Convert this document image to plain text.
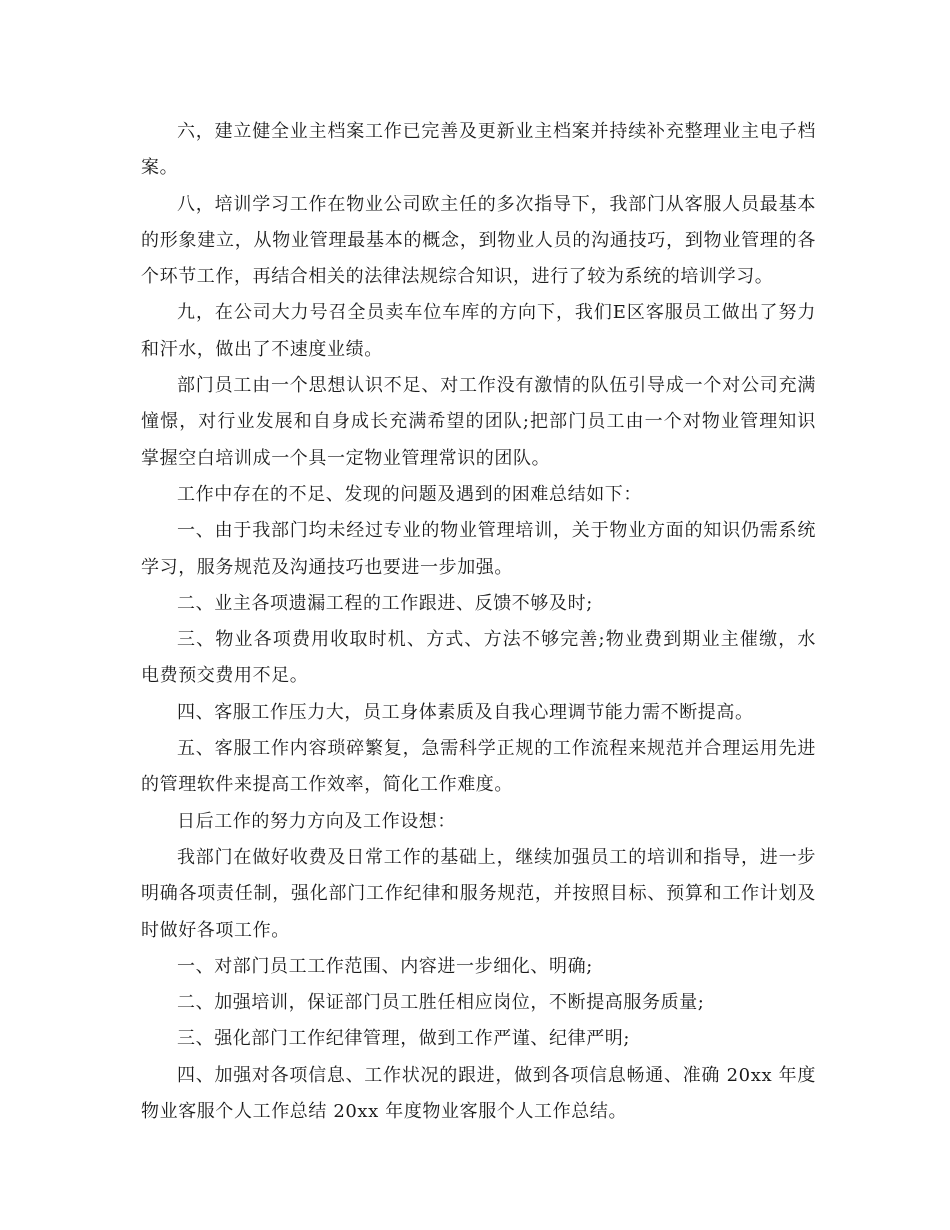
六，建立健全业主档案工作已完善及更新业主档案并持续补充整理业主电子档案。

八，培训学习工作在物业公司欧主任的多次指导下，我部门从客服人员最基本的形象建立，从物业管理最基本的概念，到物业人员的沟通技巧，到物业管理的各个环节工作，再结合相关的法律法规综合知识，进行了较为系统的培训学习。

九，在公司大力号召全员卖车位车库的方向下，我们E区客服员工做出了努力和汗水，做出了不速度业绩。

部门员工由一个思想认识不足、对工作没有激情的队伍引导成一个对公司充满憧憬，对行业发展和自身成长充满希望的团队;把部门员工由一个对物业管理知识掌握空白培训成一个具一定物业管理常识的团队。

工作中存在的不足、发现的问题及遇到的困难总结如下：

一、由于我部门均未经过专业的物业管理培训，关于物业方面的知识仍需系统学习，服务规范及沟通技巧也要进一步加强。

二、业主各项遗漏工程的工作跟进、反馈不够及时;

三、物业各项费用收取时机、方式、方法不够完善;物业费到期业主催缴，水电费预交费用不足。

四、客服工作压力大，员工身体素质及自我心理调节能力需不断提高。

五、客服工作内容琐碎繁复，急需科学正规的工作流程来规范并合理运用先进的管理软件来提高工作效率，简化工作难度。

日后工作的努力方向及工作设想：

我部门在做好收费及日常工作的基础上，继续加强员工的培训和指导，进一步明确各项责任制，强化部门工作纪律和服务规范，并按照目标、预算和工作计划及时做好各项工作。

一、对部门员工工作范围、内容进一步细化、明确;

二、加强培训，保证部门员工胜任相应岗位，不断提高服务质量;

三、强化部门工作纪律管理，做到工作严谨、纪律严明;

四、加强对各项信息、工作状况的跟进，做到各项信息畅通、准确 20xx 年度物业客服个人工作总结 20xx 年度物业客服个人工作总结。
